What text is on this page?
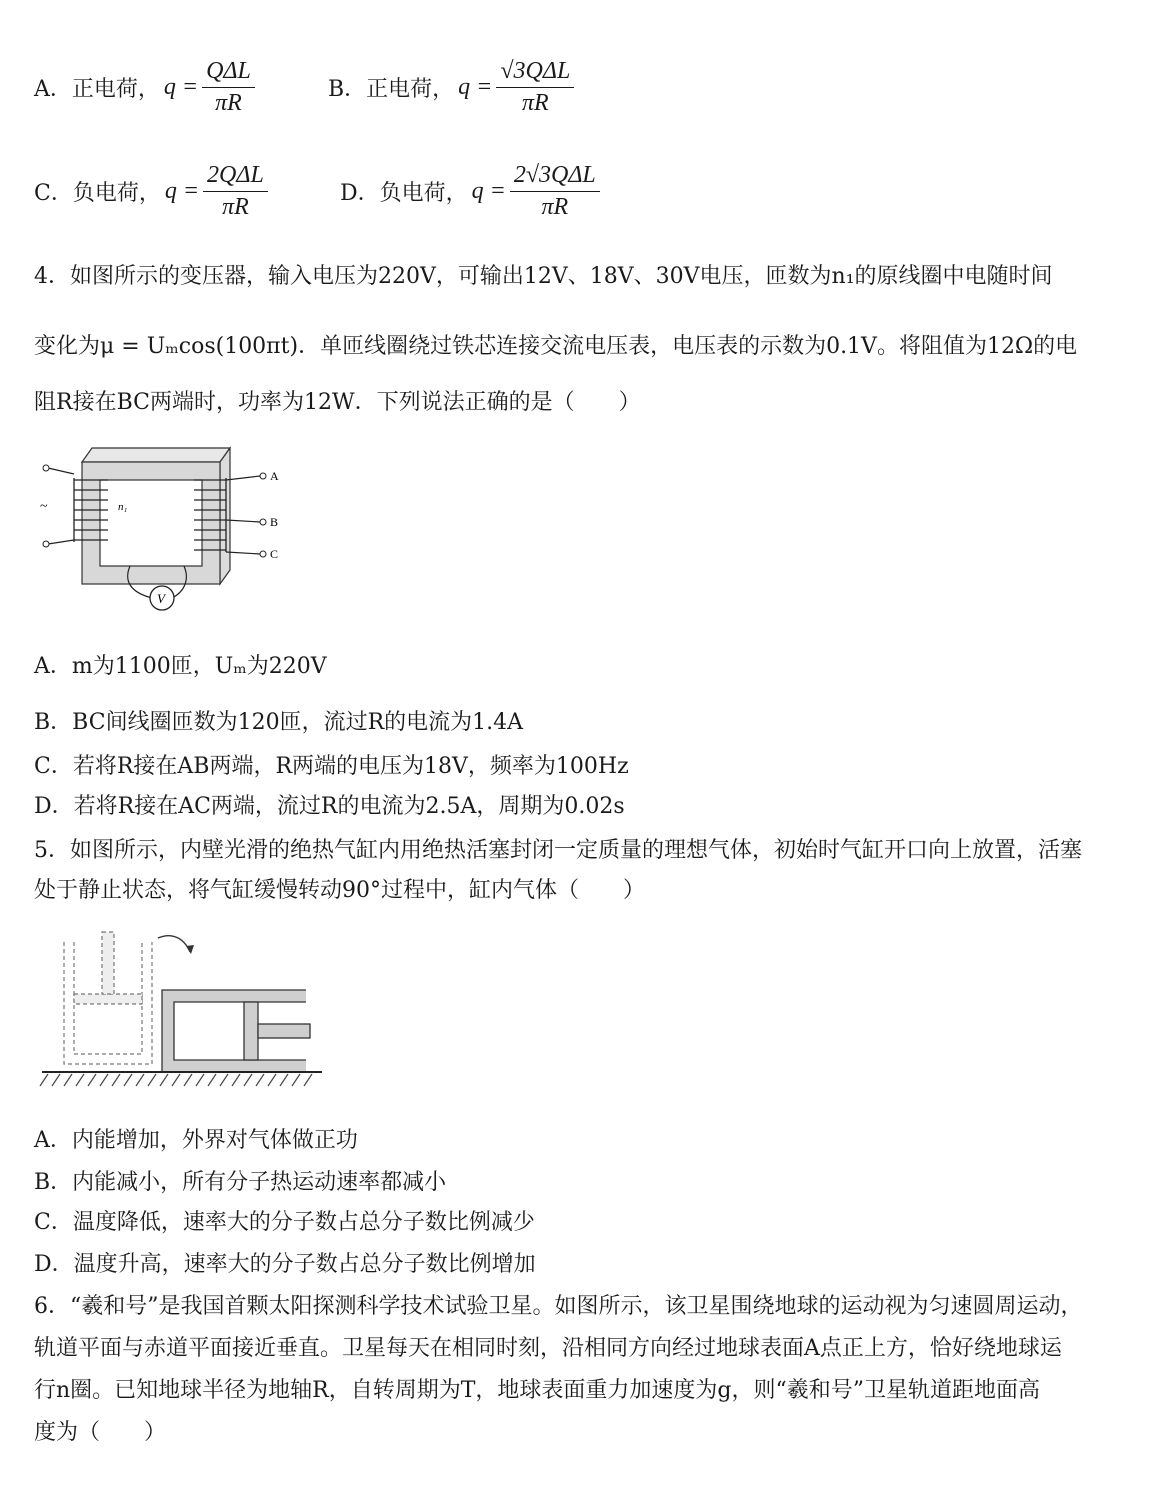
A．正电荷， $q = \frac{\text{QΔL}}{\pi R}$	B．正电荷， $q = \frac{\text{√3QΔL}}{\pi R}$
C．负电荷， $q = \frac{\text{2QΔL}}{\pi R}$	D．负电荷， $q = \frac{\text{2√3QΔL}}{\pi R}$
4．如图所示的变压器，输入电压为220V，可输出12V、18V、30V电压，匝数为n₁的原线圈中电随时间
变化为μ = Uₘcos(100πt)．单匝线圈绕过铁芯连接交流电压表，电压表的示数为0.1V。将阻值为12Ω的电
阻R接在BC两端时，功率为12W．下列说法正确的是（　　）
~	n₁
A
B
C
V
A．m为1100匝，Uₘ为220V
B．BC间线圈匝数为120匝，流过R的电流为1.4A
C．若将R接在AB两端，R两端的电压为18V，频率为100Hz
D．若将R接在AC两端，流过R的电流为2.5A，周期为0.02s
5．如图所示，内壁光滑的绝热气缸内用绝热活塞封闭一定质量的理想气体，初始时气缸开口向上放置，活塞
处于静止状态，将气缸缓慢转动90°过程中，缸内气体（　　）
A．内能增加，外界对气体做正功
B．内能减小，所有分子热运动速率都减小
C．温度降低，速率大的分子数占总分子数比例减少
D．温度升高，速率大的分子数占总分子数比例增加
6．“羲和号”是我国首颗太阳探测科学技术试验卫星。如图所示，该卫星围绕地球的运动视为匀速圆周运动，
轨道平面与赤道平面接近垂直。卫星每天在相同时刻，沿相同方向经过地球表面A点正上方，恰好绕地球运
行n圈。已知地球半径为地轴R，自转周期为T，地球表面重力加速度为g，则“羲和号”卫星轨道距地面高
度为（　　）
